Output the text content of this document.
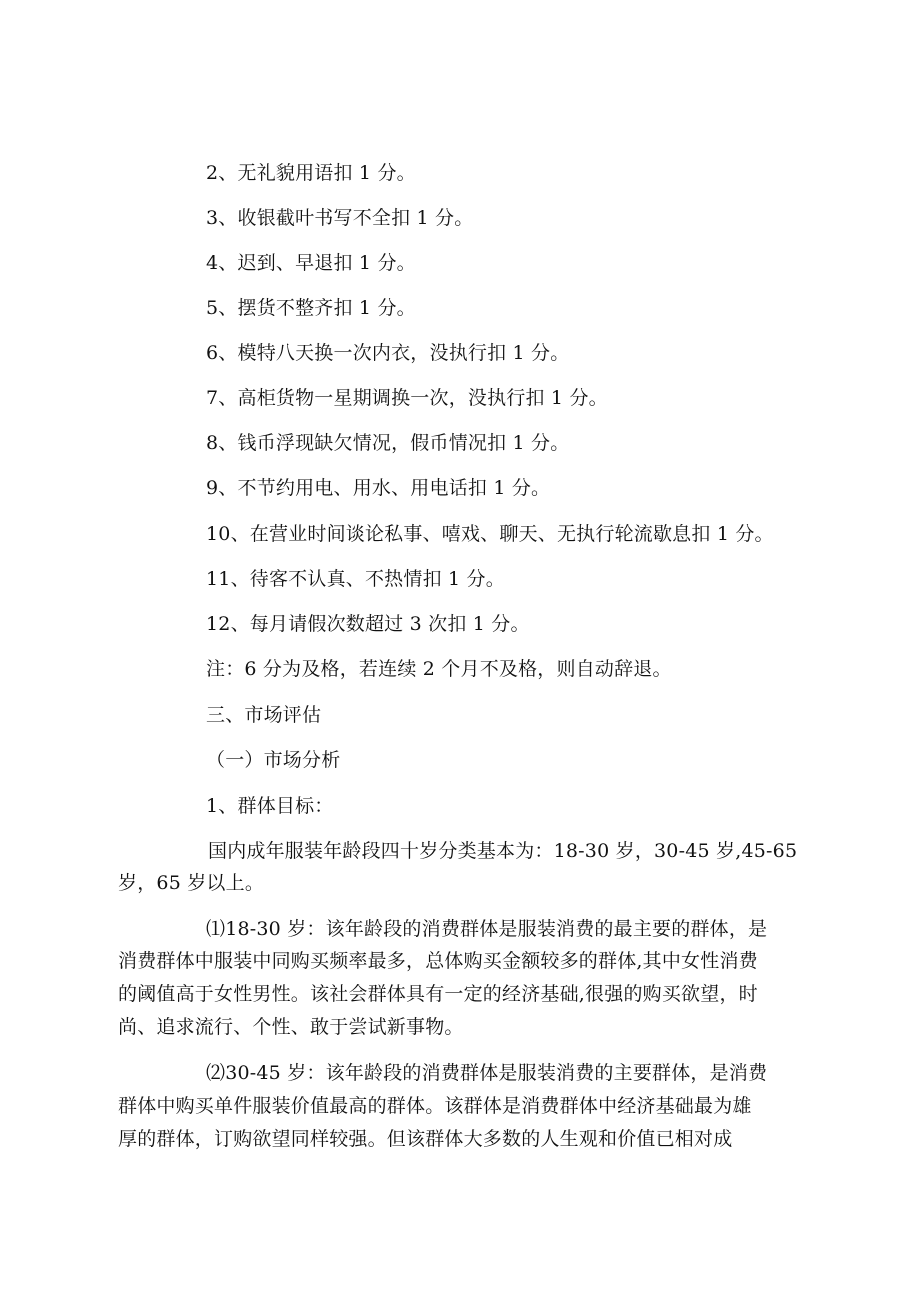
2、无礼貌用语扣 1 分。
3、收银截叶书写不全扣 1 分。
4、迟到、早退扣 1 分。
5、摆货不整齐扣 1 分。
6、模特八天换一次内衣，没执行扣 1 分。
7、高柜货物一星期调换一次，没执行扣 1 分。
8、钱币浮现缺欠情况，假币情况扣 1 分。
9、不节约用电、用水、用电话扣 1 分。
10、在营业时间谈论私事、嘻戏、聊天、无执行轮流歇息扣 1 分。
11、待客不认真、不热情扣 1 分。
12、每月请假次数超过 3 次扣 1 分。
注：6 分为及格，若连续 2 个月不及格，则自动辞退。
三、市场评估
（一）市场分析
1、群体目标：
国内成年服装年龄段四十岁分类基本为：18-30 岁，30-45 岁,45-65
岁，65 岁以上。
⑴18-30 岁：该年龄段的消费群体是服装消费的最主要的群体，是
消费群体中服装中同购买频率最多，总体购买金额较多的群体,其中女性消费
的阈值高于女性男性。该社会群体具有一定的经济基础,很强的购买欲望，时
尚、追求流行、个性、敢于尝试新事物。
⑵30-45 岁：该年龄段的消费群体是服装消费的主要群体，是消费
群体中购买单件服装价值最高的群体。该群体是消费群体中经济基础最为雄
厚的群体，订购欲望同样较强。但该群体大多数的人生观和价值已相对成
